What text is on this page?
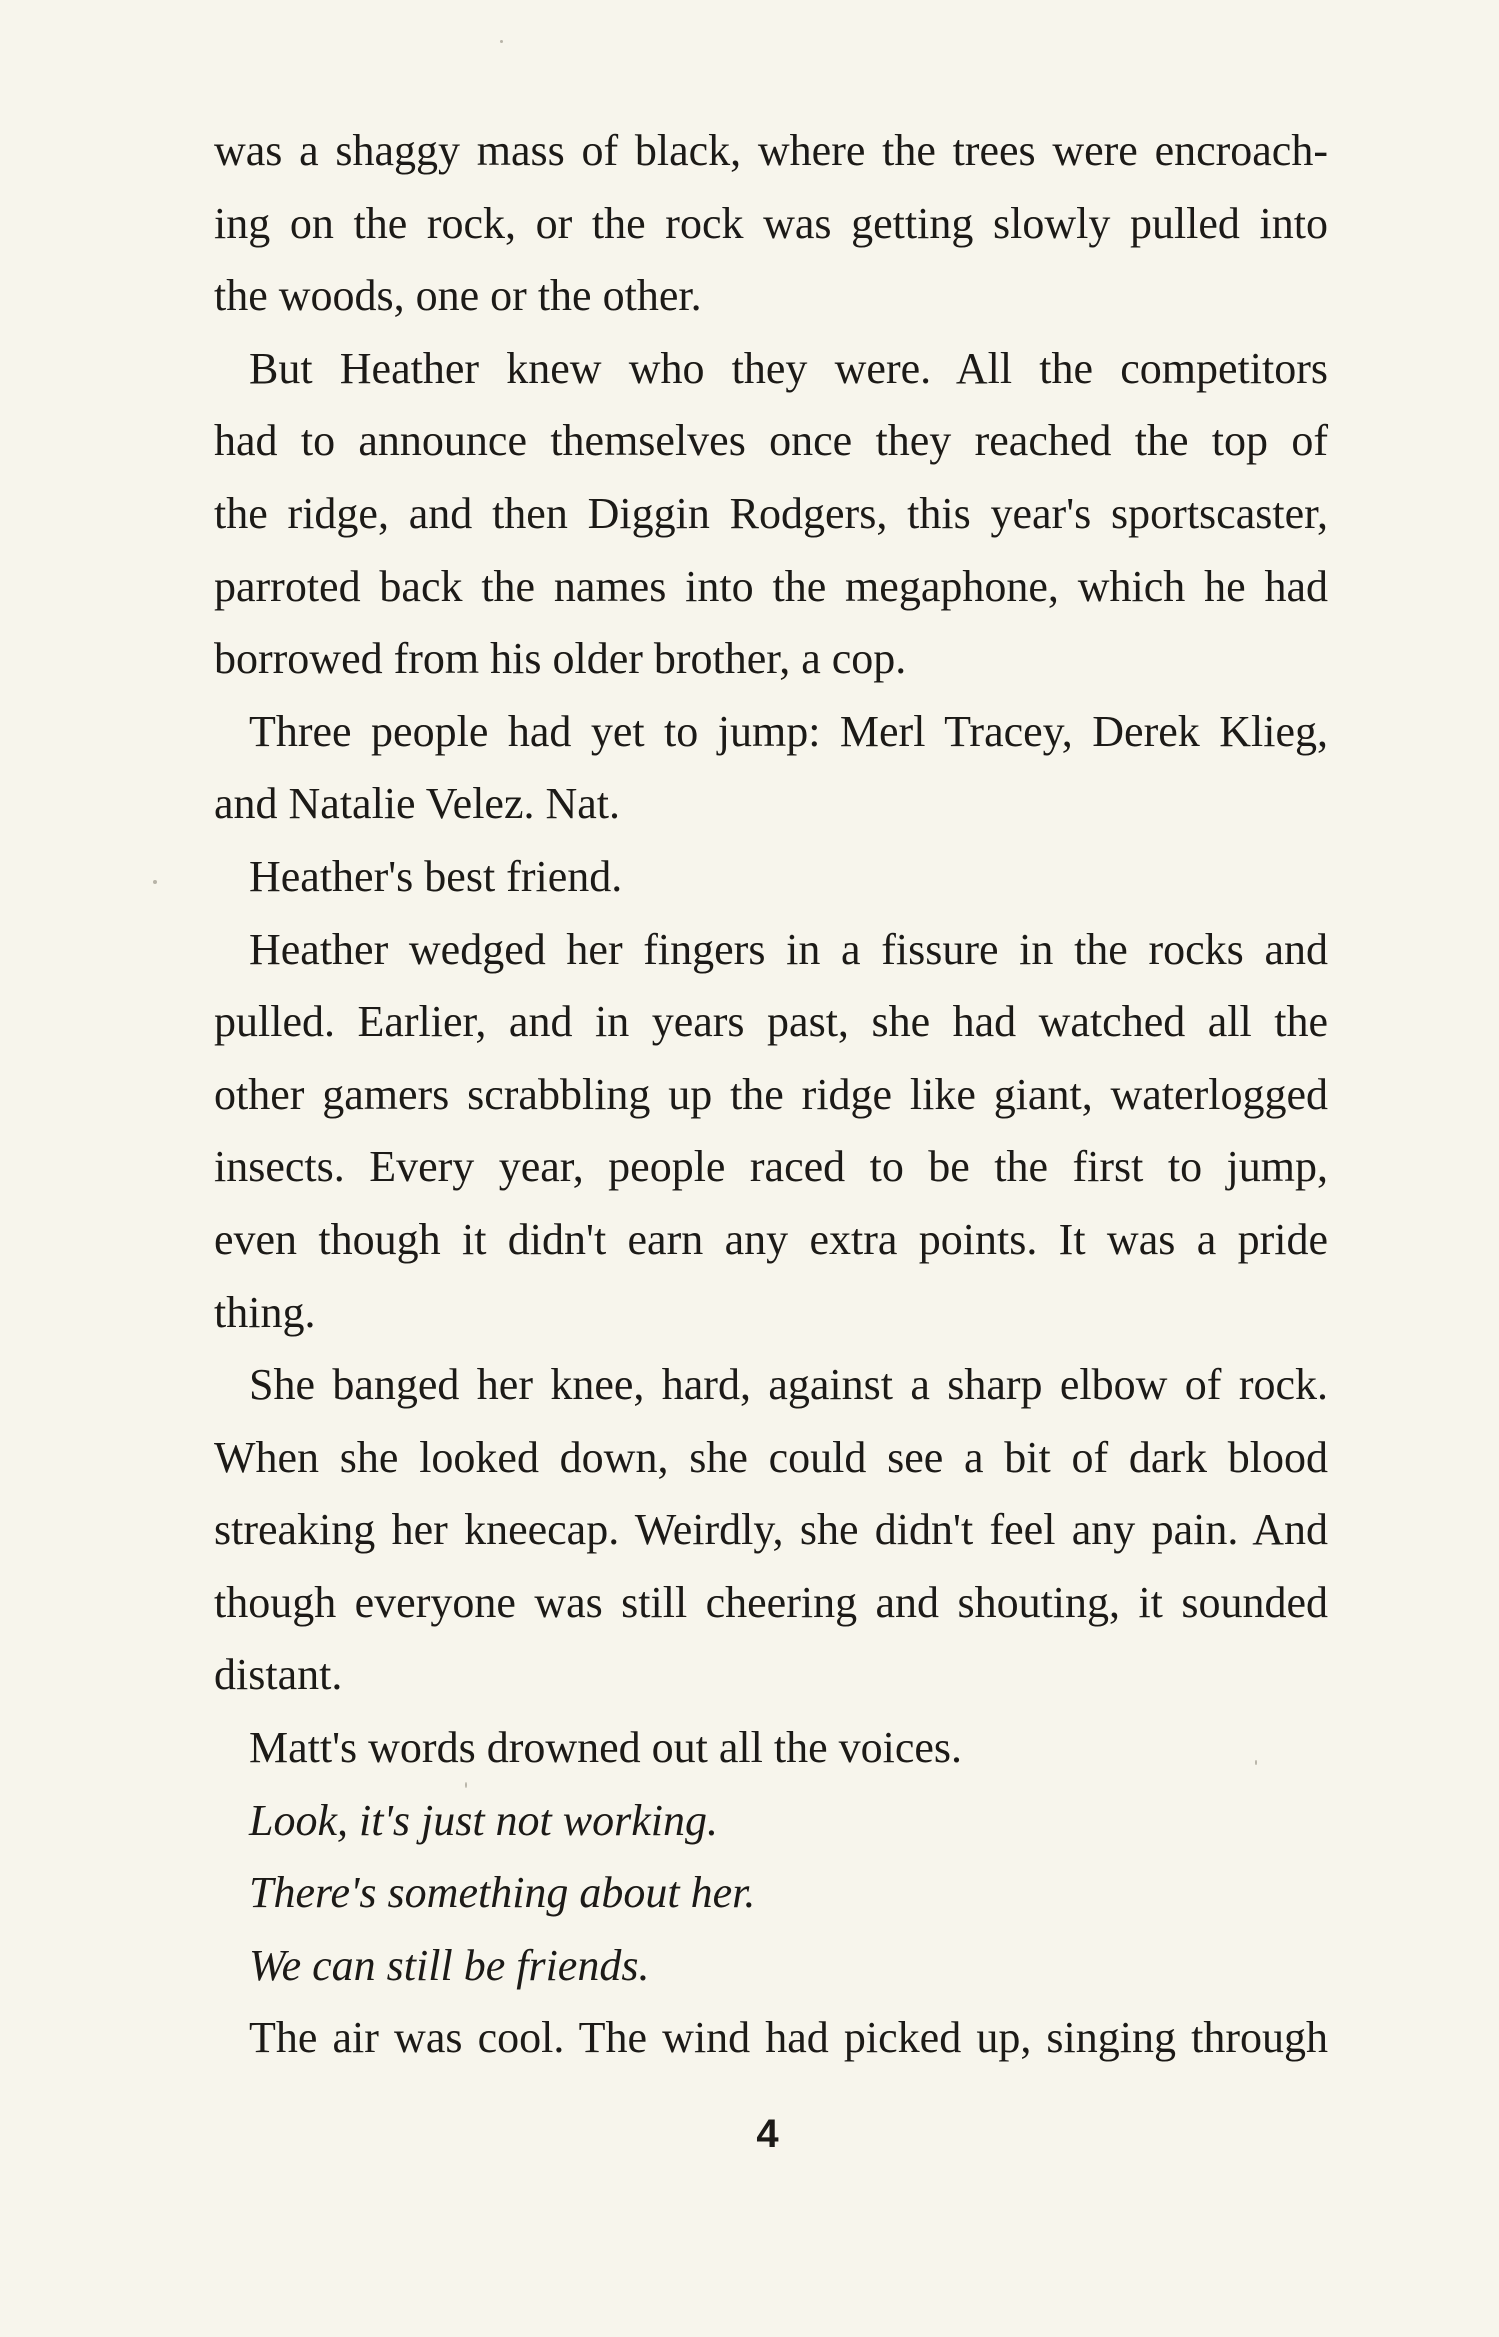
was a shaggy mass of black, where the trees were encroach-
ing on the rock, or the rock was getting slowly pulled into
the woods, one or the other.
But Heather knew who they were. All the competitors
had to announce themselves once they reached the top of
the ridge, and then Diggin Rodgers, this year's sportscaster,
parroted back the names into the megaphone, which he had
borrowed from his older brother, a cop.
Three people had yet to jump: Merl Tracey, Derek Klieg,
and Natalie Velez. Nat.
Heather's best friend.
Heather wedged her fingers in a fissure in the rocks and
pulled. Earlier, and in years past, she had watched all the
other gamers scrabbling up the ridge like giant, waterlogged
insects. Every year, people raced to be the first to jump,
even though it didn't earn any extra points. It was a pride
thing.
She banged her knee, hard, against a sharp elbow of rock.
When she looked down, she could see a bit of dark blood
streaking her kneecap. Weirdly, she didn't feel any pain. And
though everyone was still cheering and shouting, it sounded
distant.
Matt's words drowned out all the voices.
Look, it's just not working.
There's something about her.
We can still be friends.
The air was cool. The wind had picked up, singing through
4
